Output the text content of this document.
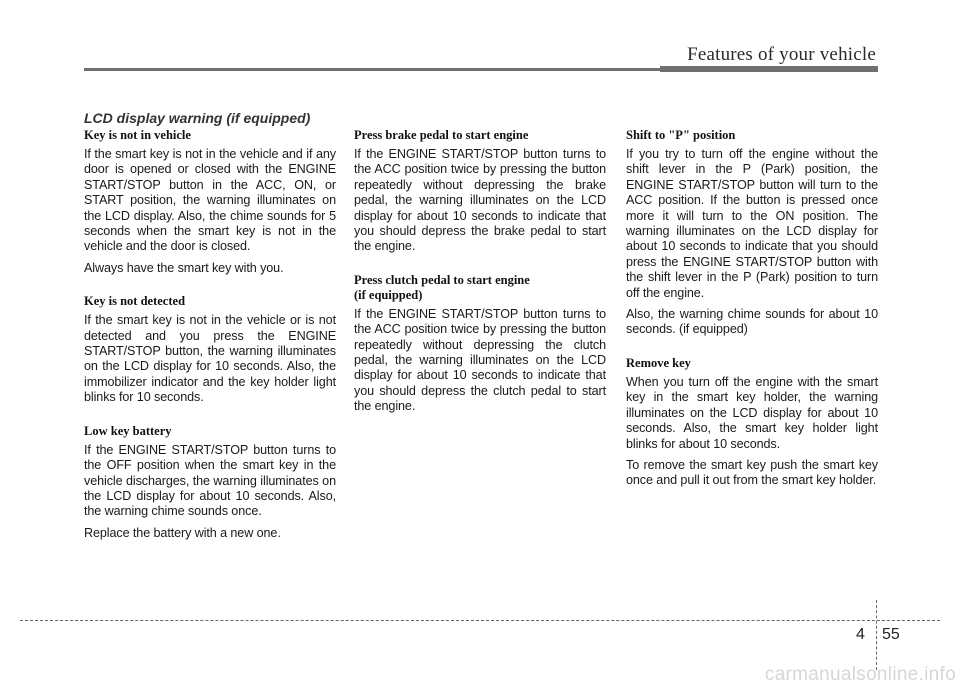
Features of your vehicle
LCD display warning (if equipped)
Key is not in vehicle

If the smart key is not in the vehicle and if any door is opened or closed with the ENGINE START/STOP button in the ACC, ON, or START position, the warning illuminates on the LCD display. Also, the chime sounds for 5 seconds when the smart key is not in the vehicle and the door is closed.

Always have the smart key with you.

Key is not detected

If the smart key is not in the vehicle or is not detected and you press the ENGINE START/STOP button, the warning illuminates on the LCD display for 10 seconds. Also, the immobilizer indicator and the key holder light blinks for 10 seconds.

Low key battery

If the ENGINE START/STOP button turns to the OFF position when the smart key in the vehicle discharges, the warning illuminates on the LCD display for about 10 seconds. Also, the warning chime sounds once.

Replace the battery with a new one.

Press brake pedal to start engine

If the ENGINE START/STOP button turns to the ACC position twice by pressing the button repeatedly without depressing the brake pedal, the warning illuminates on the LCD display for about 10 seconds to indicate that you should depress the brake pedal to start the engine.

Press clutch pedal to start engine
(if equipped)

If the ENGINE START/STOP button turns to the ACC position twice by pressing the button repeatedly without depressing the clutch pedal, the warning illuminates on the LCD display for about 10 seconds to indicate that you should depress the clutch pedal to start the engine.

Shift to "P" position

If you try to turn off the engine without the shift lever in the P (Park) position, the ENGINE START/STOP button will turn to the ACC position. If the button is pressed once more it will turn to the ON position. The warning illuminates on the LCD display for about 10 seconds to indicate that you should press the ENGINE START/STOP button with the shift lever in the P (Park) position to turn off the engine.

Also, the warning chime sounds for about 10 seconds. (if equipped)

Remove key

When you turn off the engine with the smart key in the smart key holder, the warning illuminates on the LCD display for about 10 seconds. Also, the smart key holder light blinks for about 10 seconds.

To remove the smart key push the smart key once and pull it out from the smart key holder.

4 55
carmanualsonline.info
